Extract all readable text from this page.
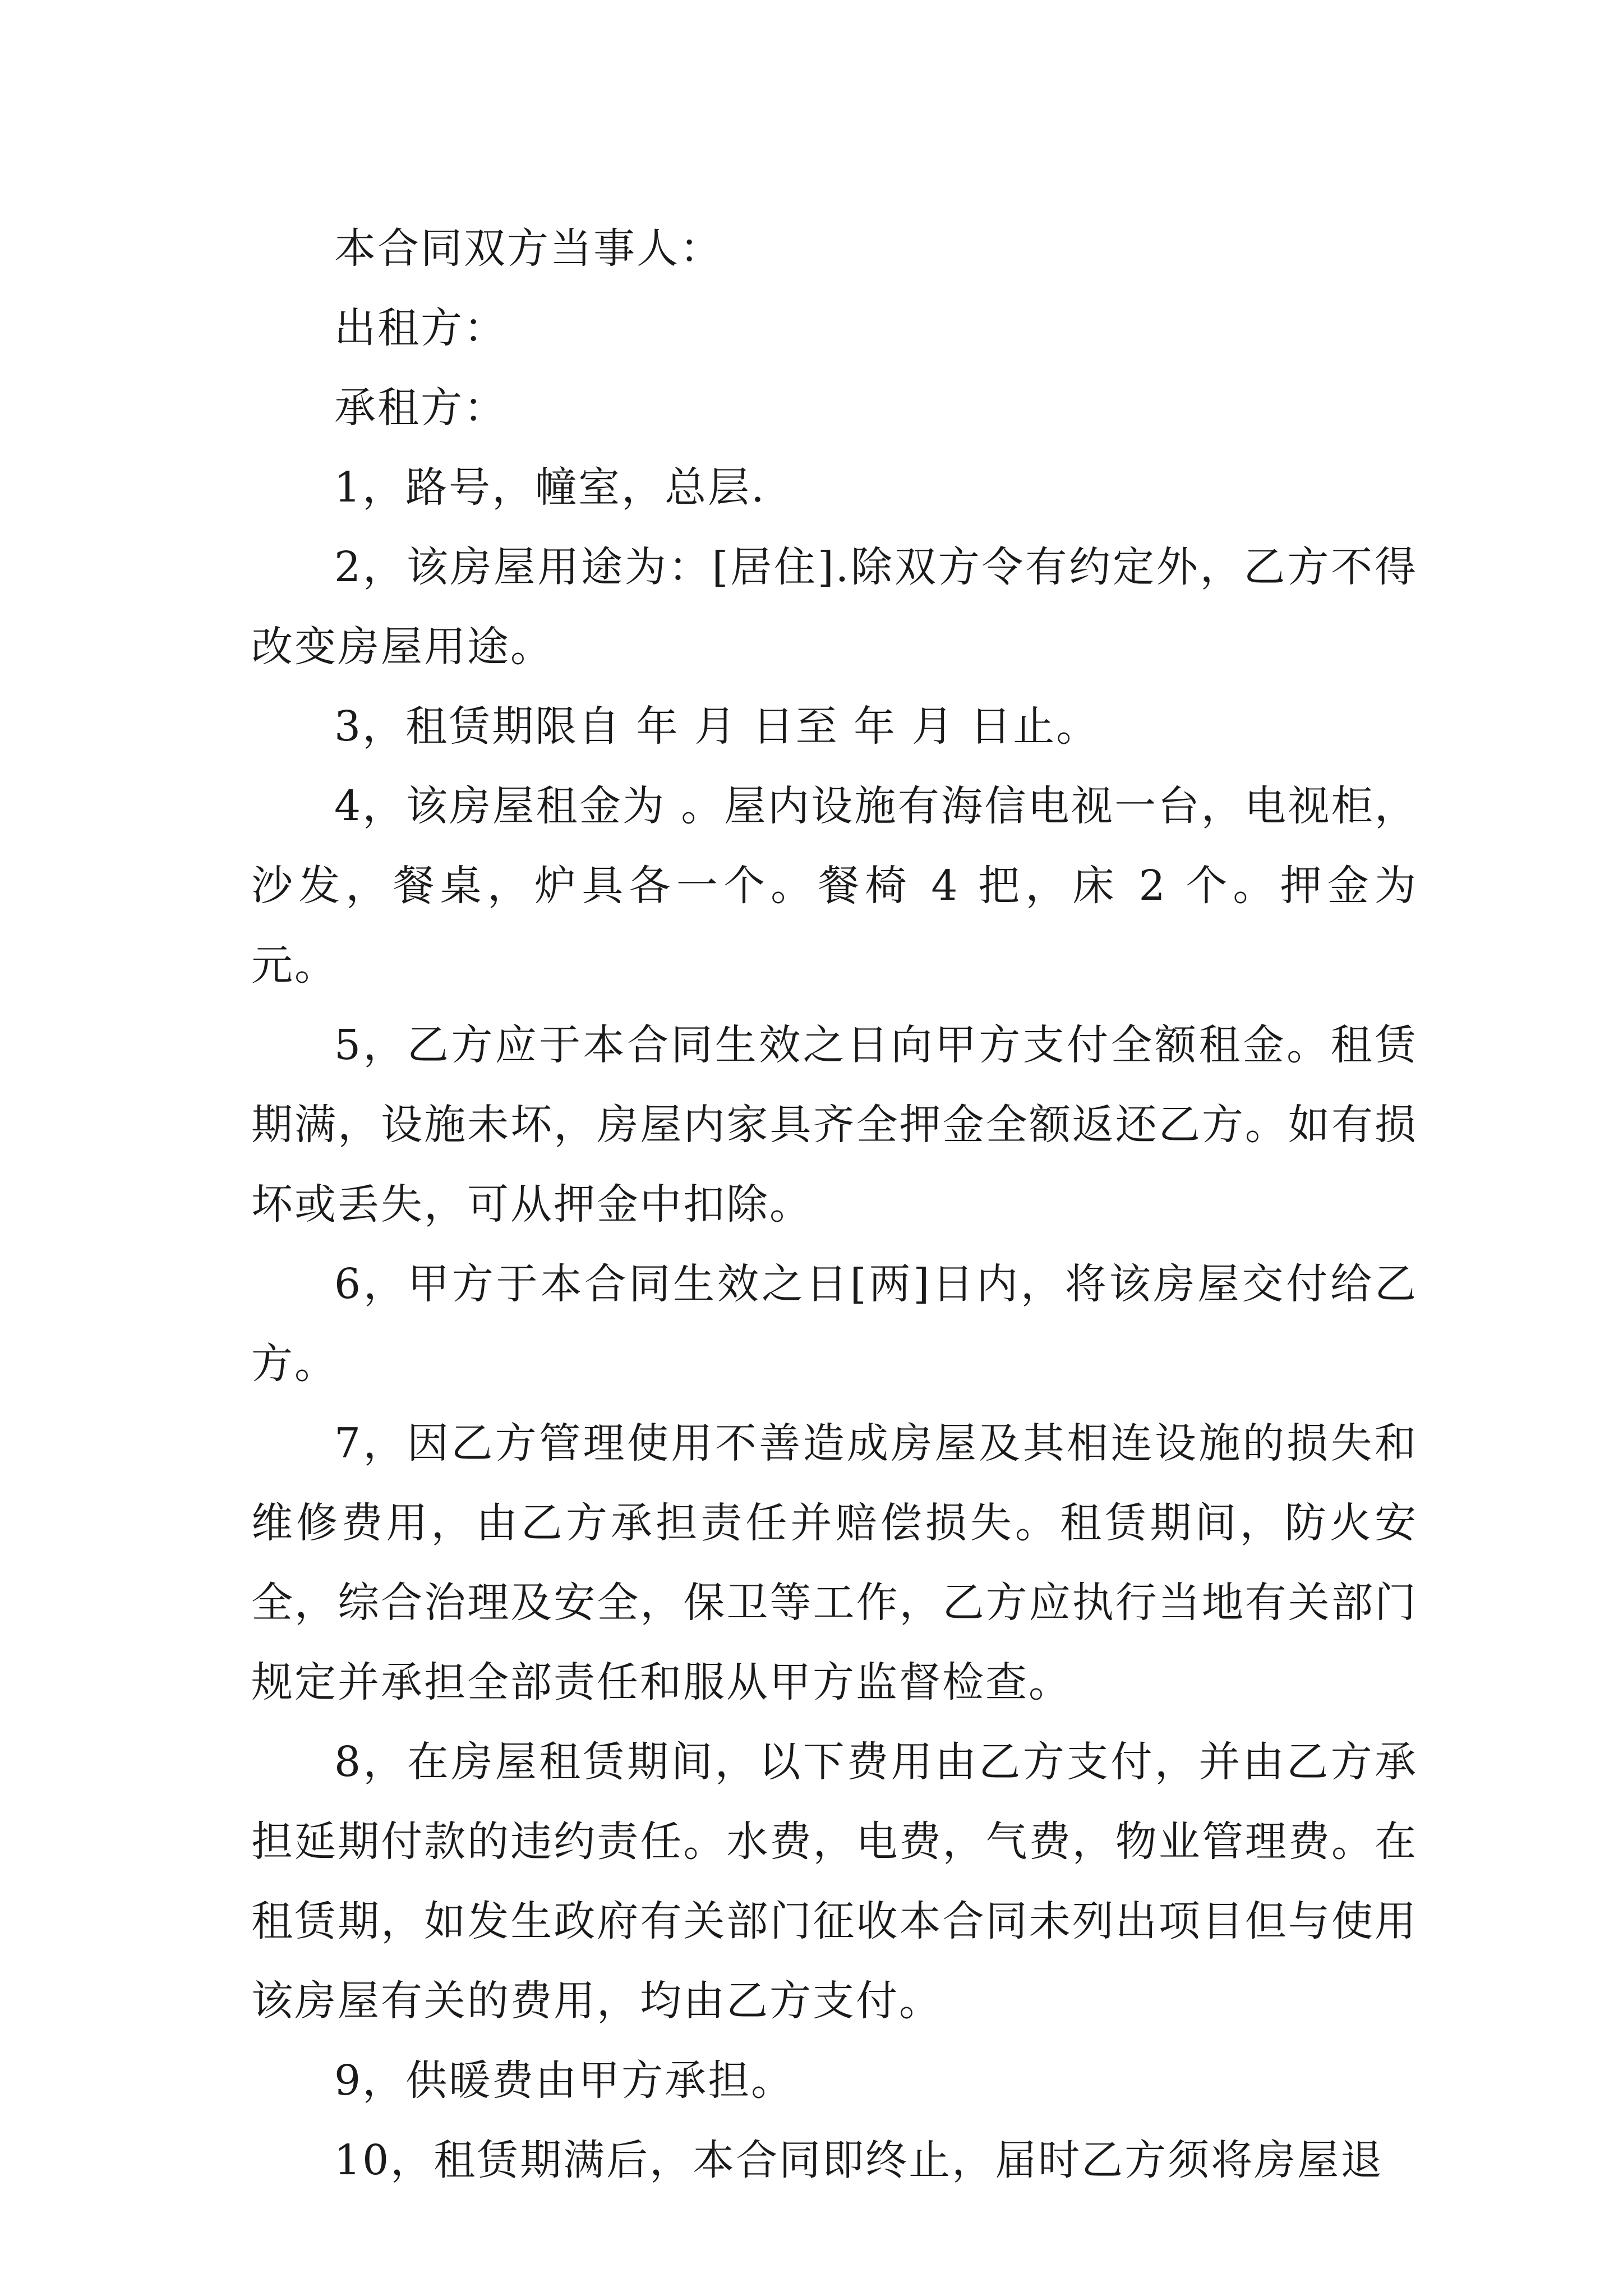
本合同双方当事人：

出租方：

承租方：

1，路号，幢室，总层.

2，该房屋用途为：[居住].除双方令有约定外，乙方不得改变房屋用途。

3，租赁期限自 年 月 日至 年 月 日止。

4，该房屋租金为 。屋内设施有海信电视一台，电视柜，沙发，餐桌，炉具各一个。餐椅 4 把，床 2 个。押金为 元。

5，乙方应于本合同生效之日向甲方支付全额租金。租赁期满，设施未坏，房屋内家具齐全押金全额返还乙方。如有损坏或丢失，可从押金中扣除。

6，甲方于本合同生效之日[两]日内，将该房屋交付给乙方。

7，因乙方管理使用不善造成房屋及其相连设施的损失和维修费用，由乙方承担责任并赔偿损失。租赁期间，防火安全，综合治理及安全，保卫等工作，乙方应执行当地有关部门规定并承担全部责任和服从甲方监督检查。

8，在房屋租赁期间，以下费用由乙方支付，并由乙方承担延期付款的违约责任。水费，电费，气费，物业管理费。在租赁期，如发生政府有关部门征收本合同未列出项目但与使用该房屋有关的费用，均由乙方支付。

9，供暖费由甲方承担。

10，租赁期满后，本合同即终止，届时乙方须将房屋退
